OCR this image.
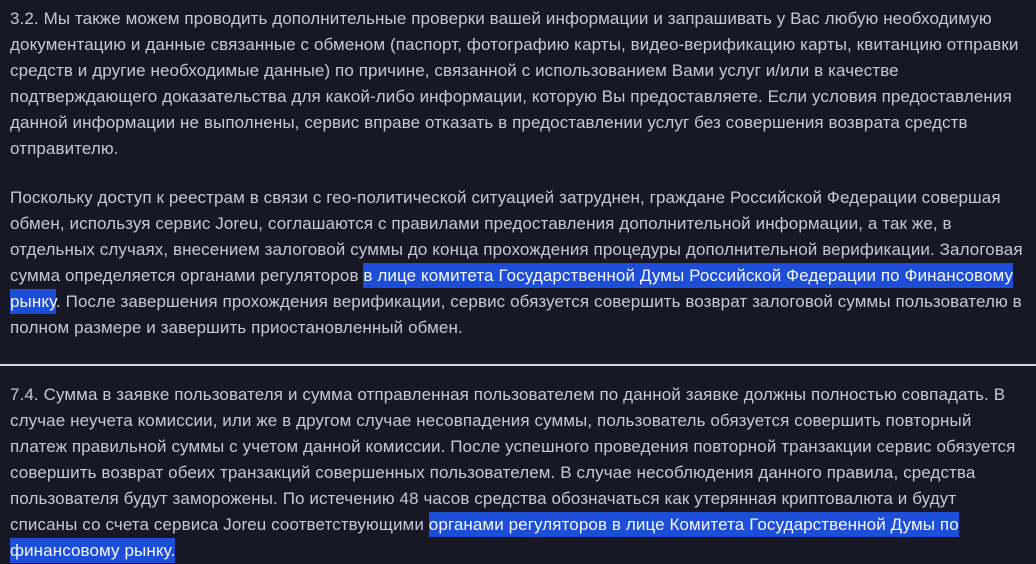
3.2. Мы также можем проводить дополнительные проверки вашей информации и запрашивать у Вас любую необходимую документацию и данные связанные с обменом (паспорт, фотографию карты, видео-верификацию карты, квитанцию отправки средств и другие необходимые данные) по причине, связанной с использованием Вами услуг и/или в качестве подтверждающего доказательства для какой-либо информации, которую Вы предоставляете. Если условия предоставления данной информации не выполнены, сервис вправе отказать в предоставлении услуг без совершения возврата средств отправителю.

Поскольку доступ к реестрам в связи с гео-политической ситуацией затруднен, граждане Российской Федерации совершая обмен, используя сервис Joreu, соглашаются с правилами предоставления дополнительной информации, а так же, в отдельных случаях, внесением залоговой суммы до конца прохождения процедуры дополнительной верификации. Залоговая сумма определяется органами регуляторов в лице комитета Государственной Думы Российской Федерации по Финансовому рынку. После завершения прохождения верификации, сервис обязуется совершить возврат залоговой суммы пользователю в полном размере и завершить приостановленный обмен.

7.4. Сумма в заявке пользователя и сумма отправленная пользователем по данной заявке должны полностью совпадать. В случае неучета комиссии, или же в другом случае несовпадения суммы, пользователь обязуется совершить повторный платеж правильной суммы с учетом данной комиссии. После успешного проведения повторной транзакции сервис обязуется совершить возврат обеих транзакций совершенных пользователем. В случае несоблюдения данного правила, средства пользователя будут заморожены. По истечению 48 часов средства обозначаться как утерянная криптовалюта и будут списаны со счета сервиса Joreu соответствующими органами регуляторов в лице Комитета Государственной Думы по финансовому рынку.
